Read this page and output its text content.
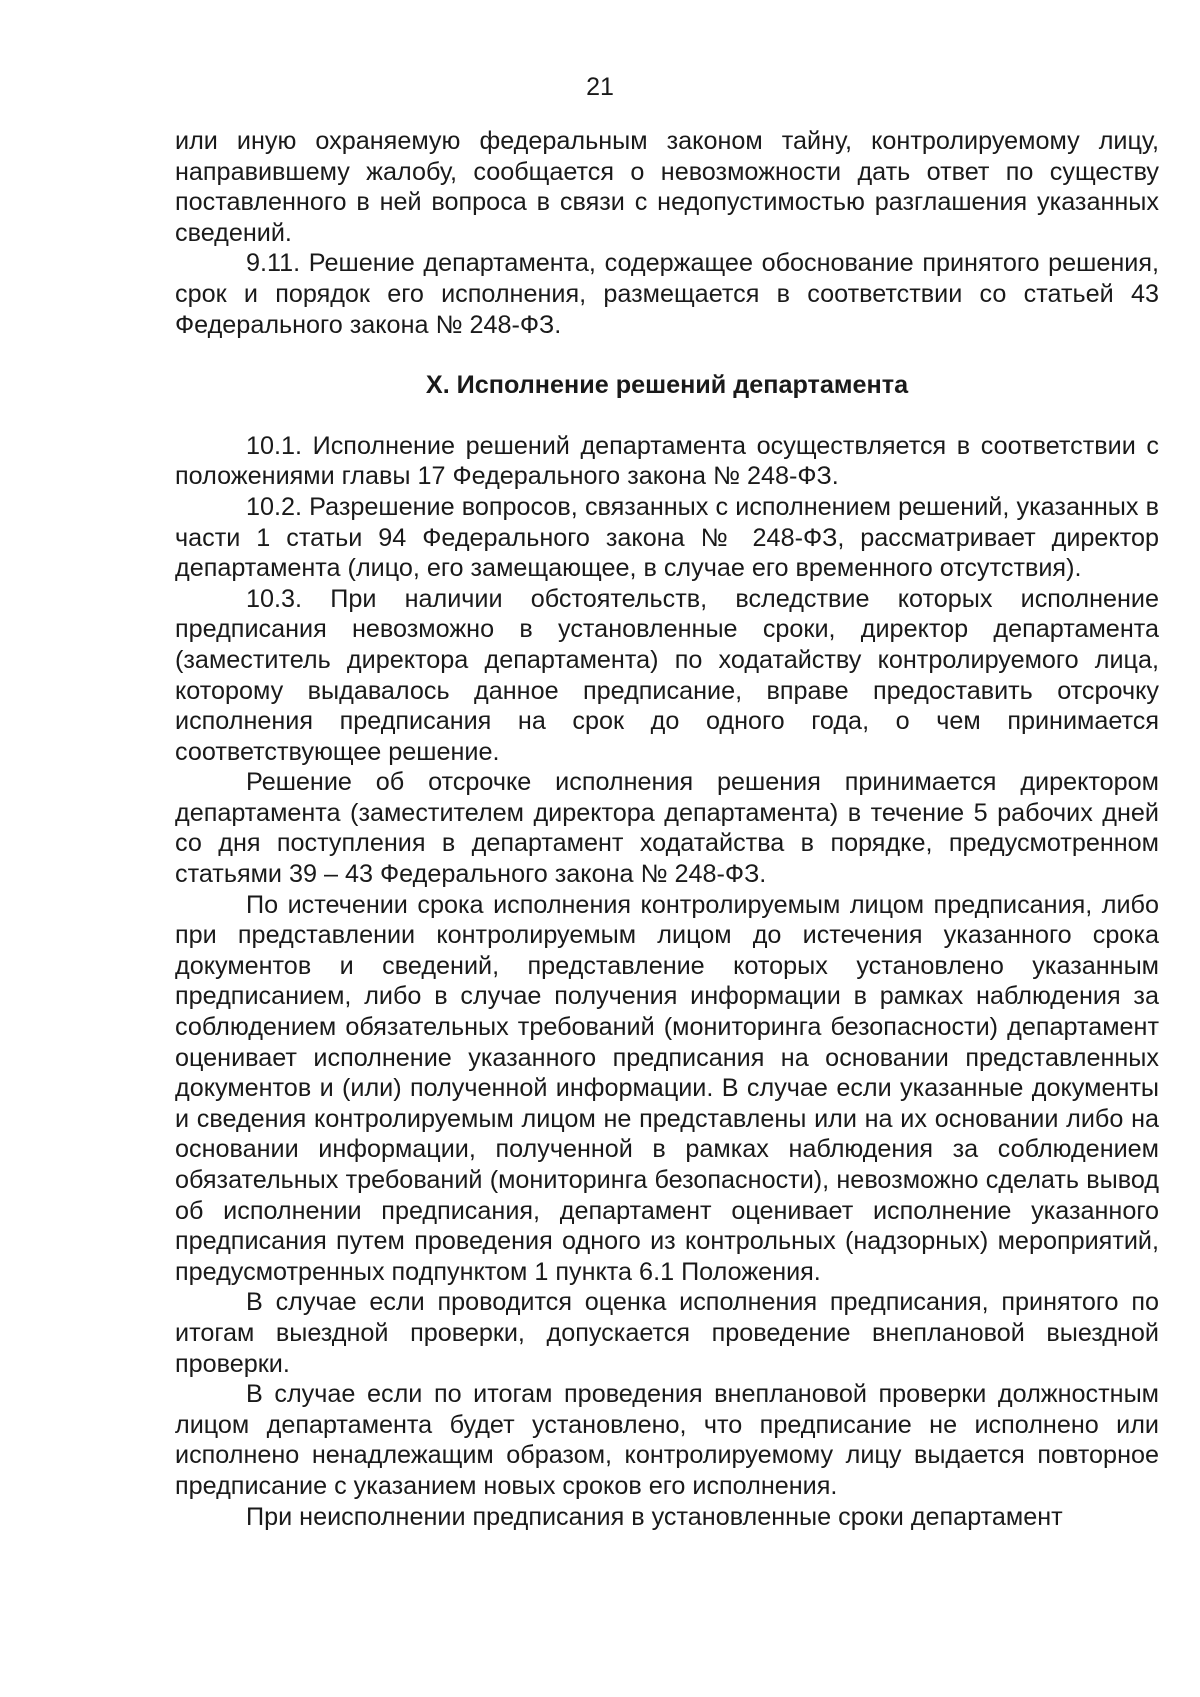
21

или иную охраняемую федеральным законом тайну, контролируемому лицу, направившему жалобу, сообщается о невозможности дать ответ по существу поставленного в ней вопроса в связи с недопустимостью разглашения указанных сведений.

9.11. Решение департамента, содержащее обоснование принятого решения, срок и порядок его исполнения, размещается в соответствии со статьей 43 Федерального закона № 248-ФЗ.

X. Исполнение решений департамента

10.1. Исполнение решений департамента осуществляется в соответствии с положениями главы 17 Федерального закона № 248-ФЗ.

10.2. Разрешение вопросов, связанных с исполнением решений, указанных в части 1 статьи 94 Федерального закона № 248-ФЗ, рассматривает директор департамента (лицо, его замещающее, в случае его временного отсутствия).

10.3. При наличии обстоятельств, вследствие которых исполнение предписания невозможно в установленные сроки, директор департамента (заместитель директора департамента) по ходатайству контролируемого лица, которому выдавалось данное предписание, вправе предоставить отсрочку исполнения предписания на срок до одного года, о чем принимается соответствующее решение.

Решение об отсрочке исполнения решения принимается директором департамента (заместителем директора департамента) в течение 5 рабочих дней со дня поступления в департамент ходатайства в порядке, предусмотренном статьями 39 – 43 Федерального закона № 248-ФЗ.

По истечении срока исполнения контролируемым лицом предписания, либо при представлении контролируемым лицом до истечения указанного срока документов и сведений, представление которых установлено указанным предписанием, либо в случае получения информации в рамках наблюдения за соблюдением обязательных требований (мониторинга безопасности) департамент оценивает исполнение указанного предписания на основании представленных документов и (или) полученной информации. В случае если указанные документы и сведения контролируемым лицом не представлены или на их основании либо на основании информации, полученной в рамках наблюдения за соблюдением обязательных требований (мониторинга безопасности), невозможно сделать вывод об исполнении предписания, департамент оценивает исполнение указанного предписания путем проведения одного из контрольных (надзорных) мероприятий, предусмотренных подпунктом 1 пункта 6.1 Положения.

В случае если проводится оценка исполнения предписания, принятого по итогам выездной проверки, допускается проведение внеплановой выездной проверки.

В случае если по итогам проведения внеплановой проверки должностным лицом департамента будет установлено, что предписание не исполнено или исполнено ненадлежащим образом, контролируемому лицу выдается повторное предписание с указанием новых сроков его исполнения.

При неисполнении предписания в установленные сроки департамент
